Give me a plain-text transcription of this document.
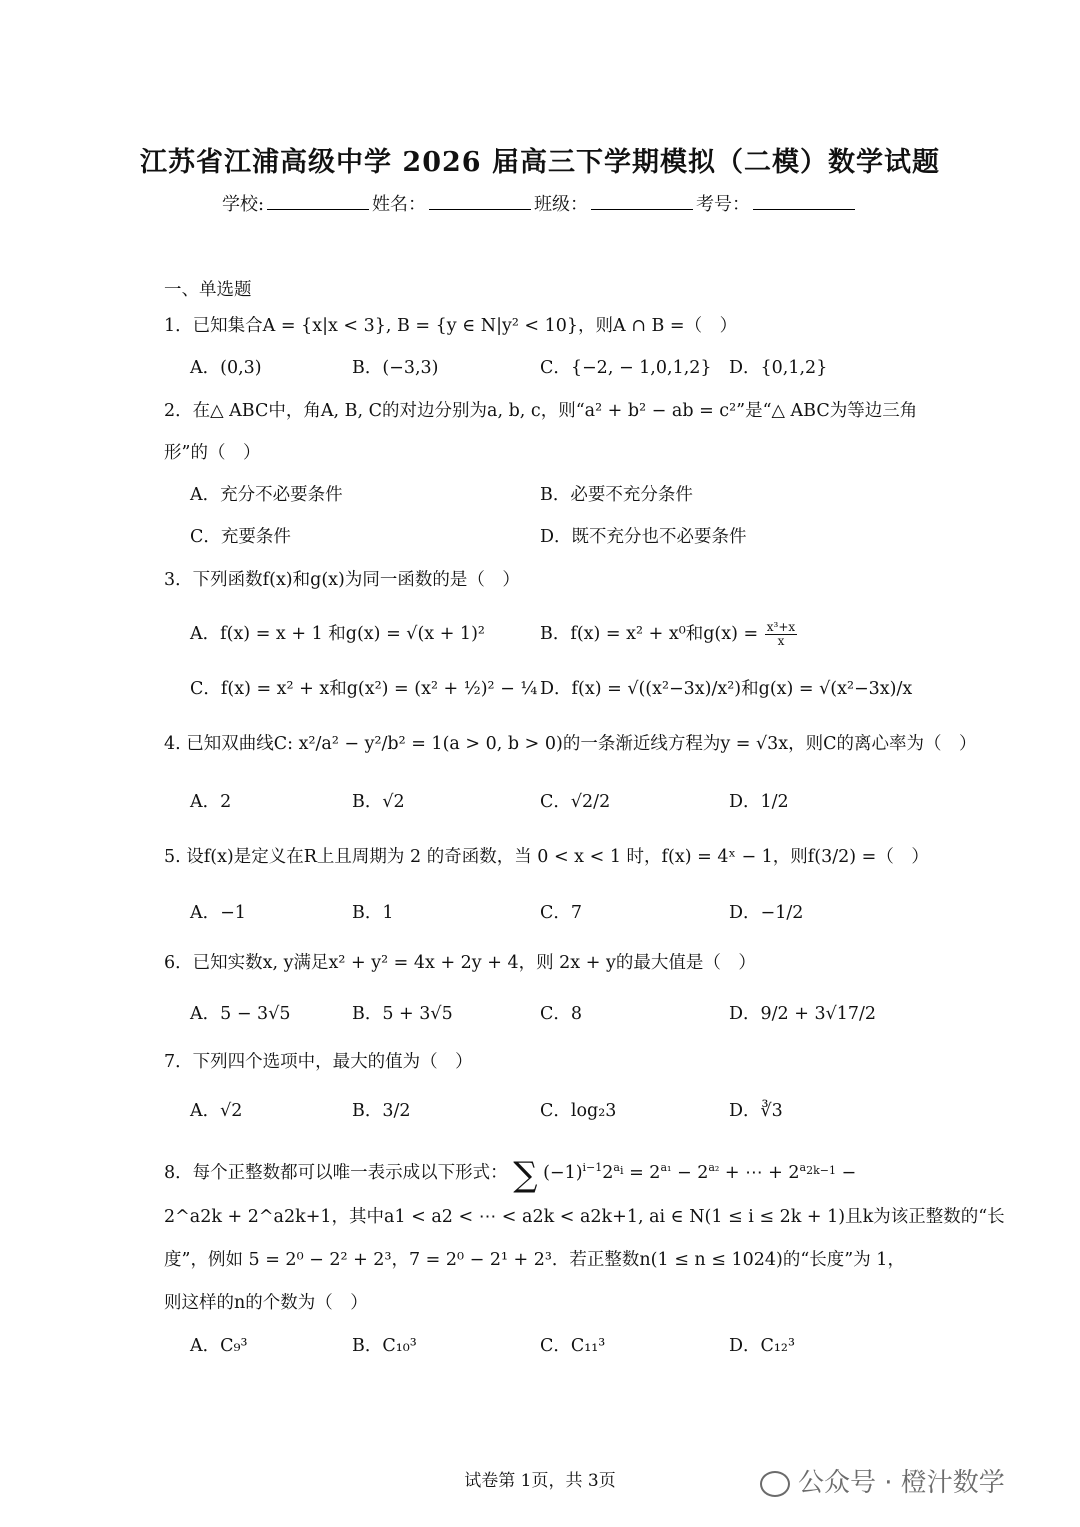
江苏省江浦高级中学 2026 届高三下学期模拟（二模）数学试题
学校:	姓名：	班级：	考号：
一、单选题
1．已知集合A = {x|x < 3}, B = {y ∈ N|y² < 10}，则A ∩ B =（　）
A．(0,3)	B．(−3,3)	C．{−2, − 1,0,1,2} D．{0,1,2}
2．在△ ABC中，角A, B, C的对边分别为a, b, c，则“a² + b² − ab = c²”是“△ ABC为等边三角
形”的（　）
A．充分不必要条件	B．必要不充分条件
C．充要条件	D．既不充分也不必要条件
3．下列函数f(x)和g(x)为同一函数的是（　）
A．f(x) = x + 1 和g(x) = √(x + 1)²	B．f(x) = x² + x⁰和$g(x) = \frac{\text{x³+x}}{x}$
C．f(x) = x² + x和g(x²) = (x² + ½)² − ¼ D．f(x) = √((x²−3x)/x²)和g(x) = √(x²−3x)/x
4. 已知双曲线C: x²/a² − y²/b² = 1(a > 0, b > 0)的一条渐近线方程为y = √3x，则C的离心率为（　）
A．2	B．√2	C．√2/2	D．1/2
5. 设f(x)是定义在R上且周期为 2 的奇函数，当 0 < x < 1 时，f(x) = 4ˣ − 1，则f(3/2) =（　）
A．−1	B．1	C．7	D．−1/2
6．已知实数x, y满足x² + y² = 4x + 2y + 4，则 2x + y的最大值是（　）
A．5 − 3√5	B．5 + 3√5	C．8	D．9/2 + 3√17/2
7．下列四个选项中，最大的值为（　）
A．√2	B．3/2	C．log₂3	D．∛3
8．每个正整数都可以唯一表示成以下形式： ∑ $(-1)^{i-1}2^{a_i} = 2^{a_1} - 2^{a_2}$ + ⋯ + $2^{a_{2k-1}}$ −
2^a2k + 2^a2k+1，其中a1 < a2 < ⋯ < a2k < a2k+1, ai ∈ N(1 ≤ i ≤ 2k + 1)且k为该正整数的“长
度”，例如 5 = 2⁰ − 2² + 2³，7 = 2⁰ − 2¹ + 2³．若正整数n(1 ≤ n ≤ 1024)的“长度”为 1，
则这样的n的个数为（　）
A．C₉³	B．C₁₀³	C．C₁₁³	D．C₁₂³
试卷第 1页，共 3页	公众号 · 橙汁数学
